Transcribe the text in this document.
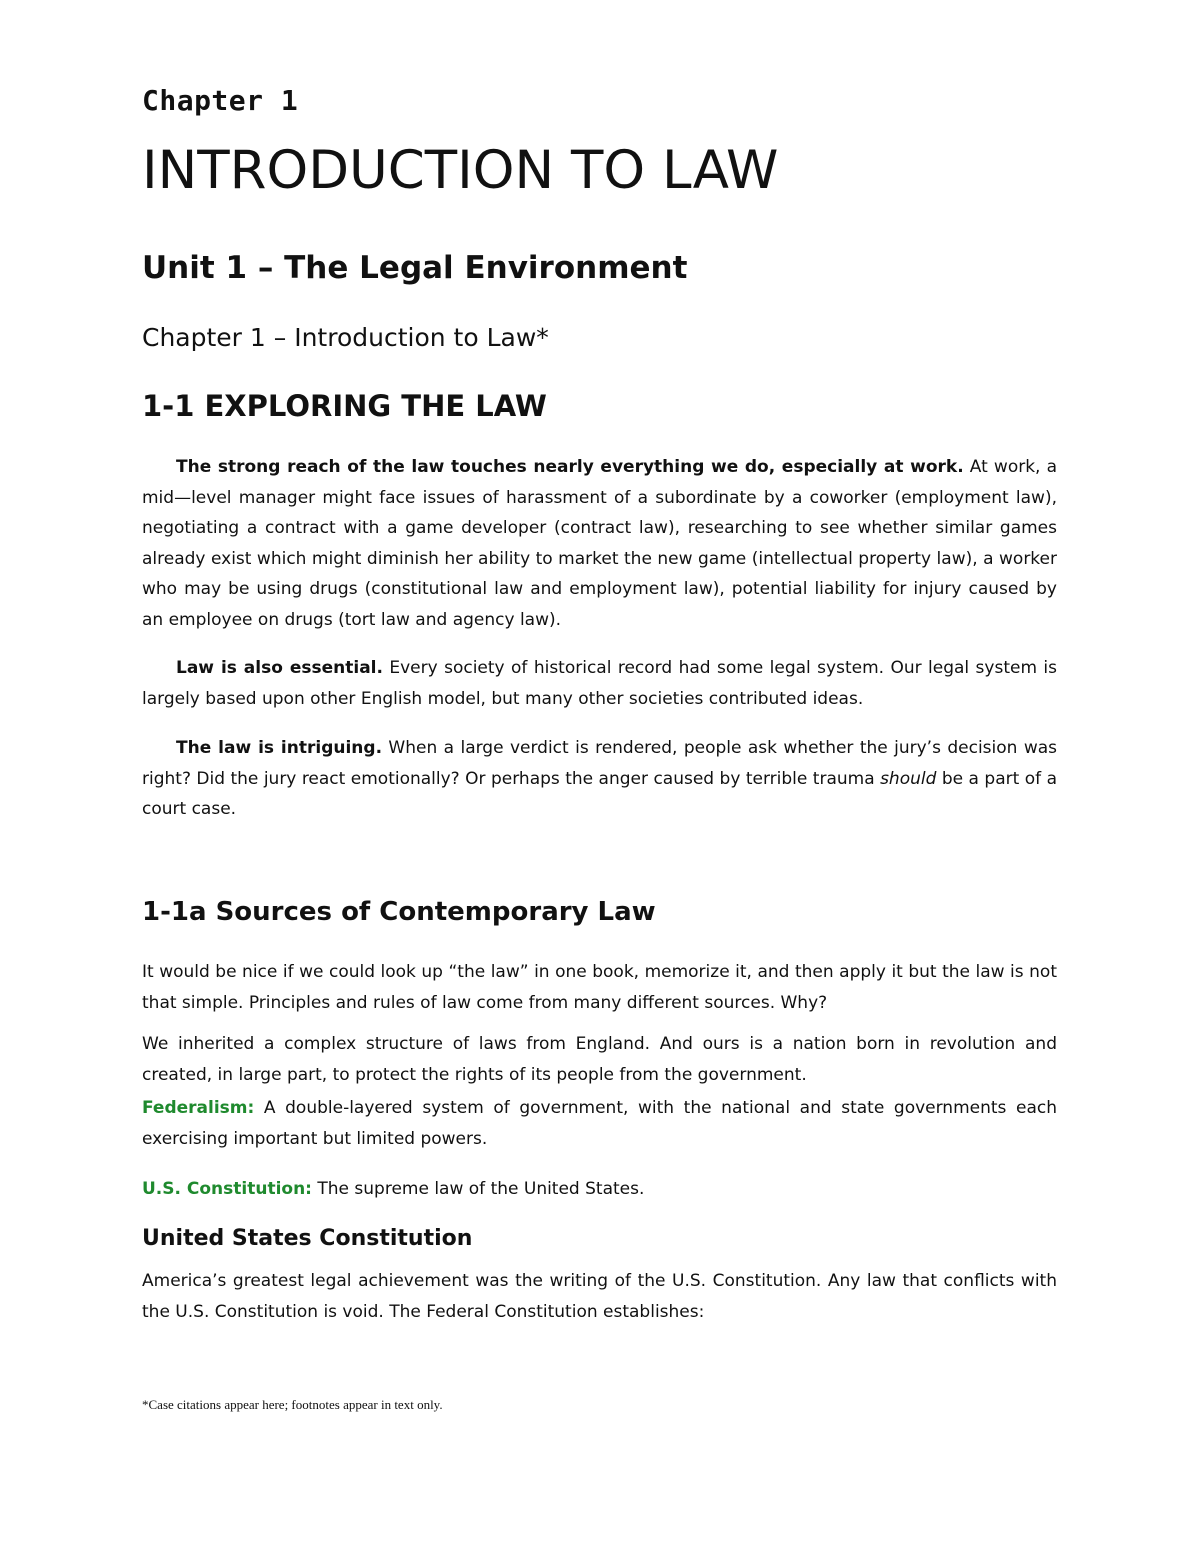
Chapter 1
INTRODUCTION TO LAW
Unit 1 – The Legal Environment
Chapter 1 – Introduction to Law*
1-1 EXPLORING THE LAW

The strong reach of the law touches nearly everything we do, especially at work. At work, a mid—level manager might face issues of harassment of a subordinate by a coworker (employment law), negotiating a contract with a game developer (contract law), researching to see whether similar games already exist which might diminish her ability to market the new game (intellectual property law), a worker who may be using drugs (constitutional law and employment law), potential liability for injury caused by an employee on drugs (tort law and agency law).

Law is also essential. Every society of historical record had some legal system. Our legal system is largely based upon other English model, but many other societies contributed ideas.

The law is intriguing. When a large verdict is rendered, people ask whether the jury’s decision was right? Did the jury react emotionally? Or perhaps the anger caused by terrible trauma should be a part of a court case.

1-1a Sources of Contemporary Law

It would be nice if we could look up “the law” in one book, memorize it, and then apply it but the law is not that simple. Principles and rules of law come from many different sources. Why?

We inherited a complex structure of laws from England. And ours is a nation born in revolution and created, in large part, to protect the rights of its people from the government.

Federalism: A double-layered system of government, with the national and state governments each exercising important but limited powers.

U.S. Constitution: The supreme law of the United States.

United States Constitution

America’s greatest legal achievement was the writing of the U.S. Constitution. Any law that conflicts with the U.S. Constitution is void. The Federal Constitution establishes:

*Case citations appear here; footnotes appear in text only.
